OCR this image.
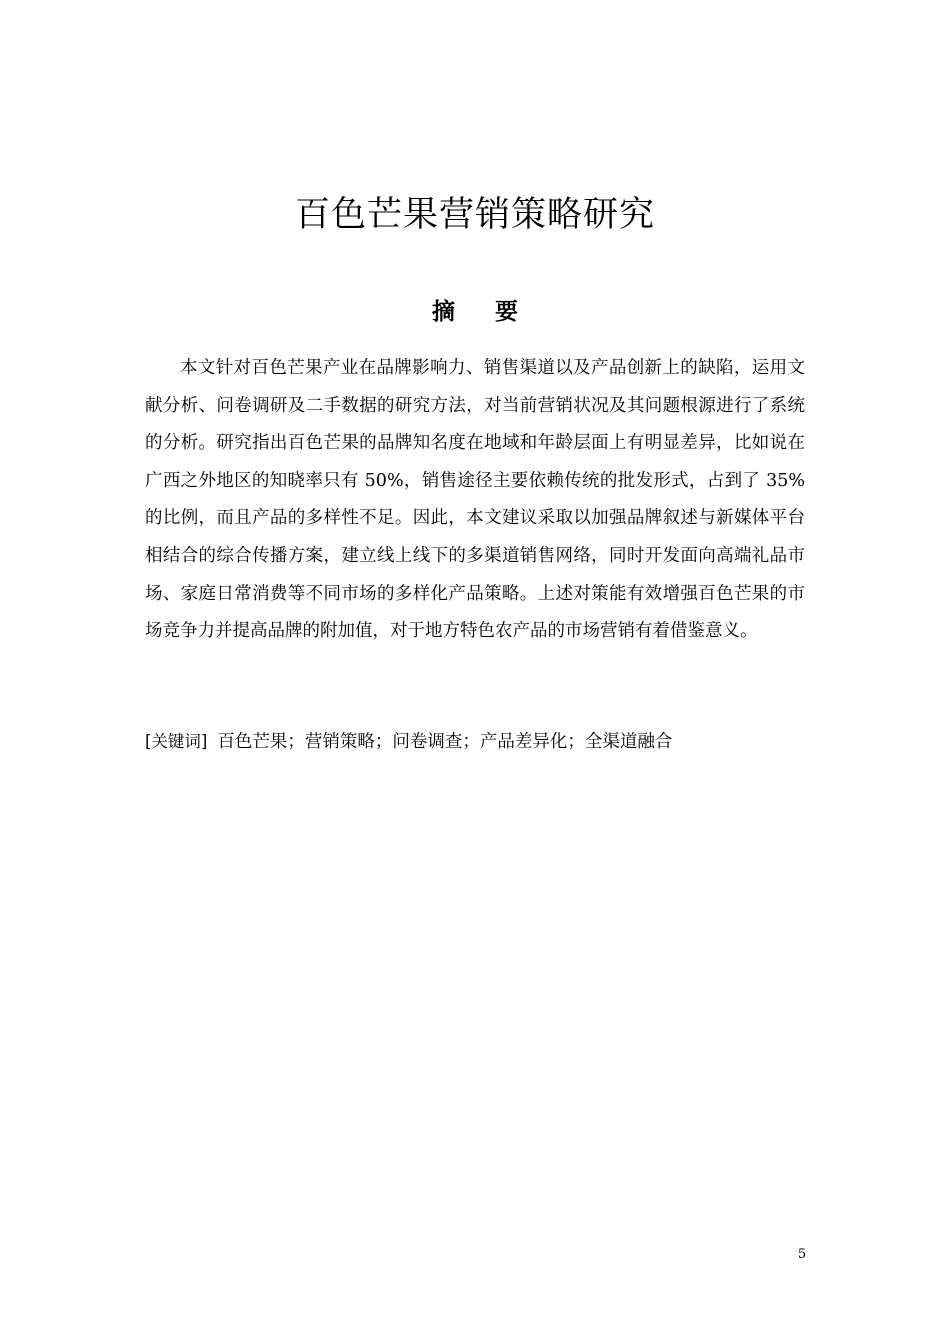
百色芒果营销策略研究
摘 要

本文针对百色芒果产业在品牌影响力、销售渠道以及产品创新上的缺陷，运用文献分析、问卷调研及二手数据的研究方法，对当前营销状况及其问题根源进行了系统的分析。研究指出百色芒果的品牌知名度在地域和年龄层面上有明显差异，比如说在广西之外地区的知晓率只有 50%，销售途径主要依赖传统的批发形式，占到了 35%的比例，而且产品的多样性不足。因此，本文建议采取以加强品牌叙述与新媒体平台相结合的综合传播方案，建立线上线下的多渠道销售网络，同时开发面向高端礼品市场、家庭日常消费等不同市场的多样化产品策略。上述对策能有效增强百色芒果的市场竞争力并提高品牌的附加值，对于地方特色农产品的市场营销有着借鉴意义。

[关键词] 百色芒果；营销策略；问卷调查；产品差异化；全渠道融合
5
